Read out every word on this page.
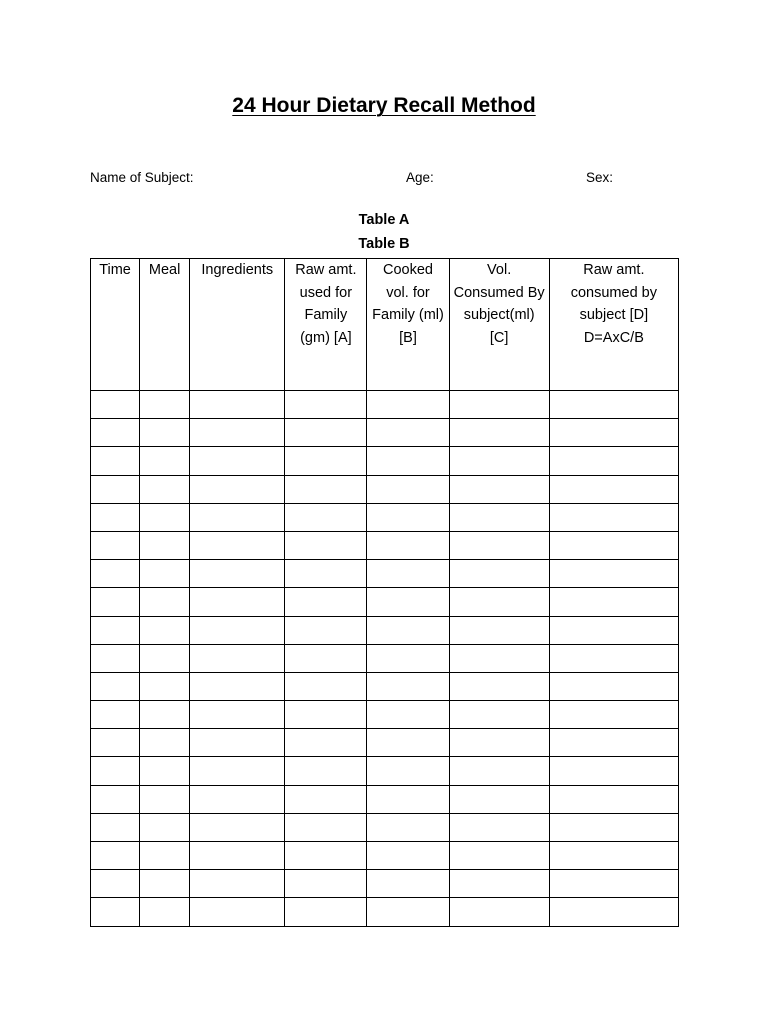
24 Hour Dietary Recall Method
Name of Subject:	Age:	Sex:
Table A
Table B
Time	Meal	Ingredients	Raw amt. used for Family (gm) [A]	Cooked vol. for Family (ml) [B]	Vol. Consumed By subject(ml) [C]	Raw amt. consumed by subject [D] D=AxC/B
